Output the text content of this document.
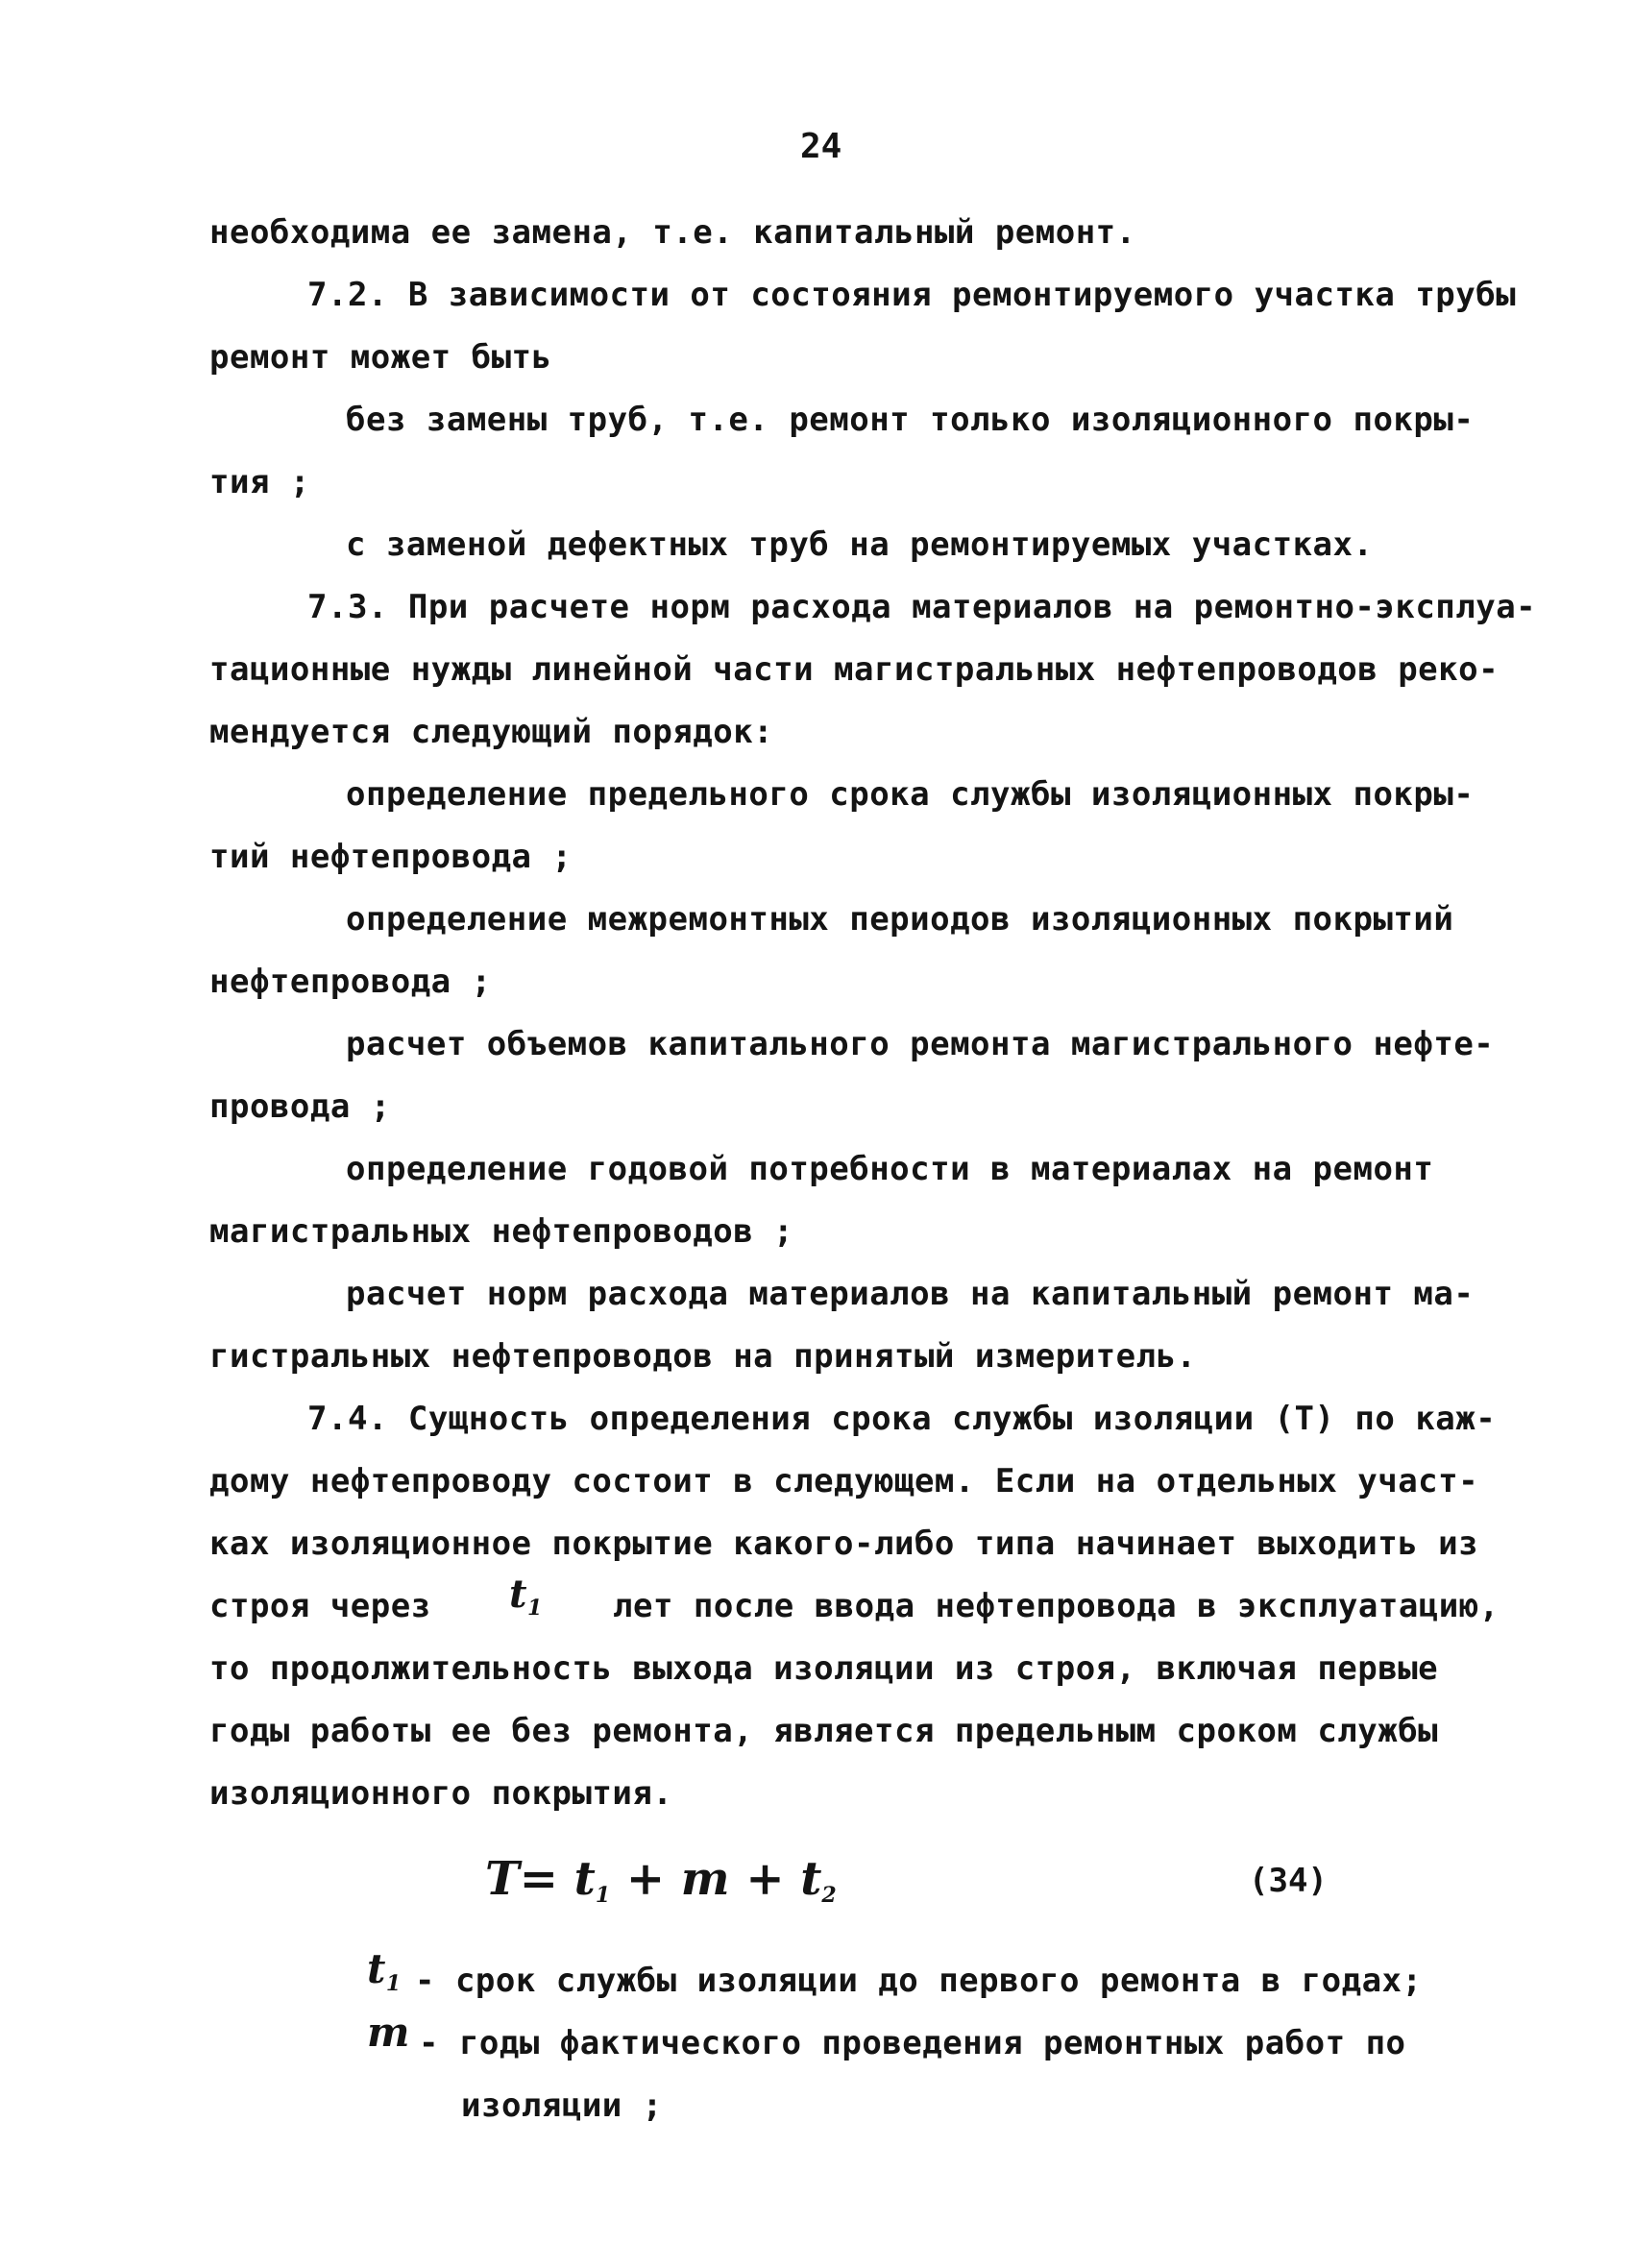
24
необходима ее замена, т.е. капитальный ремонт.
7.2. В зависимости от состояния ремонтируемого участка трубы
ремонт может быть
без замены труб, т.е. ремонт только изоляционного покры-
тия ;
с заменой дефектных труб на ремонтируемых участках.
7.3. При расчете норм расхода материалов на ремонтно-эксплуа-
тационные нужды линейной части магистральных нефтепроводов реко-
мендуется следующий порядок:
определение предельного срока службы изоляционных покры-
тий нефтепровода ;
определение межремонтных периодов изоляционных покрытий
нефтепровода ;
расчет объемов капитального ремонта магистрального нефте-
провода ;
определение годовой потребности в материалах на ремонт
магистральных нефтепроводов ;
расчет норм расхода материалов на капитальный ремонт ма-
гистральных нефтепроводов на принятый измеритель.
7.4. Сущность определения срока службы изоляции (Т) по каж-
дому нефтепроводу состоит в следующем. Если на отдельных участ-
ках изоляционное покрытие какого-либо типа начинает выходить из
строя через $t_1$ лет после ввода нефтепровода в эксплуатацию,
то продолжительность выхода изоляции из строя, включая первые
годы работы ее без ремонта, является предельным сроком службы
изоляционного покрытия.
$T= t_1 + m + t_2$	(34)
$t_1$ - срок службы изоляции до первого ремонта в годах;
m - годы фактического проведения ремонтных работ по
изоляции ;
